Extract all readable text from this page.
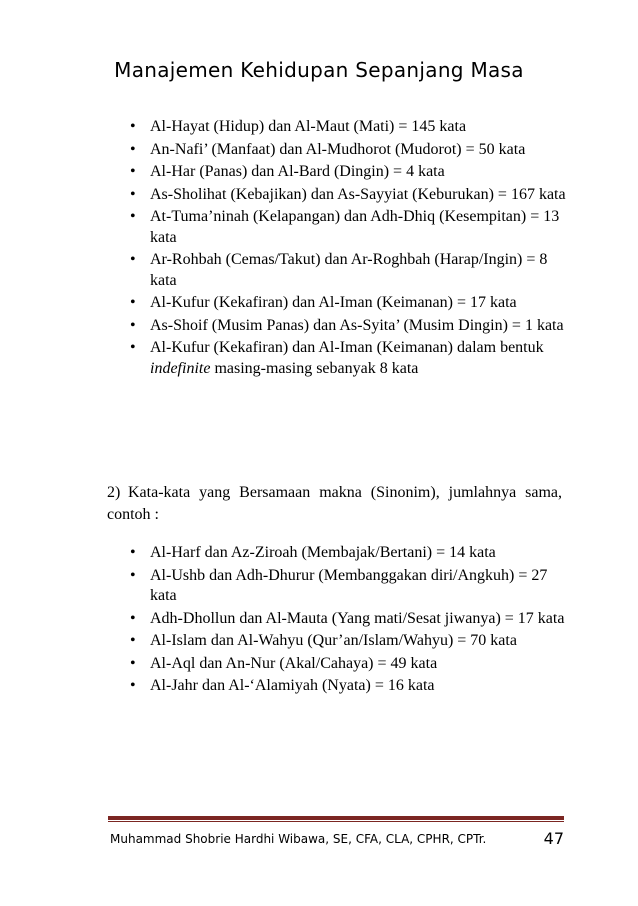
Manajemen Kehidupan Sepanjang Masa
• Al-Hayat (Hidup) dan Al-Maut (Mati) = 145 kata
• An-Nafi’ (Manfaat) dan Al-Mudhorot (Mudorot) = 50 kata
• Al-Har (Panas) dan Al-Bard (Dingin) = 4 kata
• As-Sholihat (Kebajikan) dan As-Sayyiat (Keburukan) = 167 kata
• At-Tuma’ninah (Kelapangan) dan Adh-Dhiq (Kesempitan) = 13 kata
• Ar-Rohbah (Cemas/Takut) dan Ar-Roghbah (Harap/Ingin) = 8 kata
• Al-Kufur (Kekafiran) dan Al-Iman (Keimanan) = 17 kata
• As-Shoif (Musim Panas) dan As-Syita’ (Musim Dingin) = 1 kata
• Al-Kufur (Kekafiran) dan Al-Iman (Keimanan) dalam bentuk indefinite masing-masing sebanyak 8 kata
2) Kata-kata yang Bersamaan makna (Sinonim), jumlahnya sama, contoh :
• Al-Harf dan Az-Ziroah (Membajak/Bertani) = 14 kata
• Al-Ushb dan Adh-Dhurur (Membanggakan diri/Angkuh) = 27 kata
• Adh-Dhollun dan Al-Mauta (Yang mati/Sesat jiwanya) = 17 kata
• Al-Islam dan Al-Wahyu (Qur’an/Islam/Wahyu) = 70 kata
• Al-Aql dan An-Nur (Akal/Cahaya) = 49 kata
• Al-Jahr dan Al-‘Alamiyah (Nyata) = 16 kata
Muhammad Shobrie Hardhi Wibawa, SE, CFA, CLA, CPHR, CPTr.	47
